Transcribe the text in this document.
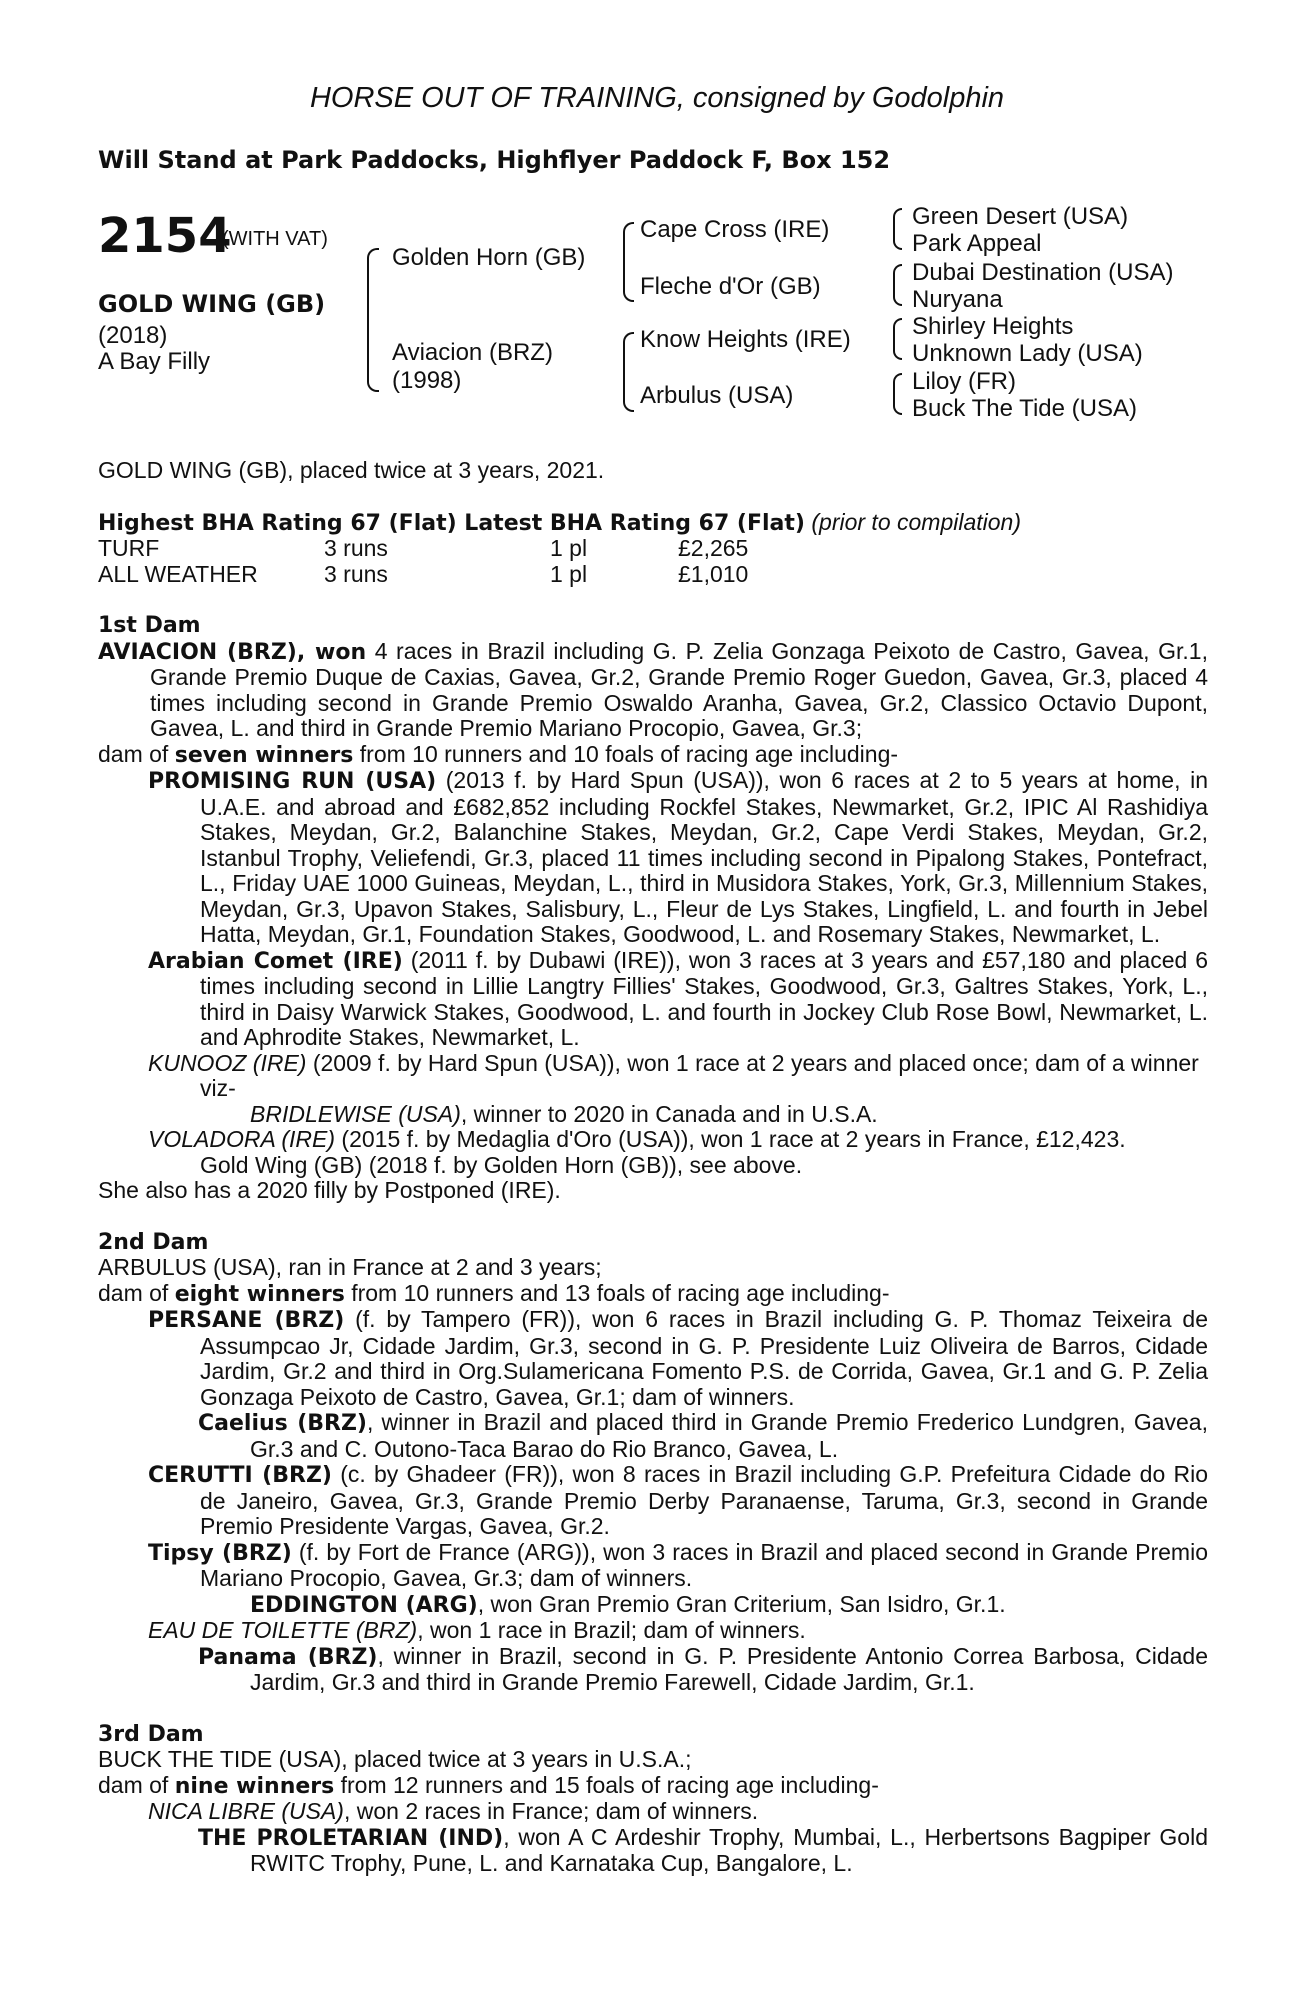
HORSE OUT OF TRAINING, consigned by Godolphin
Will Stand at Park Paddocks, Highflyer Paddock F, Box 152
2154
(WITH VAT)
GOLD WING (GB)
(2018)
A Bay Filly
Golden Horn (GB)
Aviacion (BRZ)
(1998)
Cape Cross (IRE)
Fleche d'Or (GB)
Know Heights (IRE)
Arbulus (USA)
Green Desert (USA)
Park Appeal
Dubai Destination (USA)
Nuryana
Shirley Heights
Unknown Lady (USA)
Liloy (FR)
Buck The Tide (USA)

GOLD WING (GB), placed twice at 3 years, 2021.

Highest BHA Rating 67 (Flat) Latest BHA Rating 67 (Flat) (prior to compilation)

TURF	3 runs	1 pl	£2,265
ALL WEATHER	3 runs	1 pl	£1,010

1st Dam

AVIACION (BRZ), won 4 races in Brazil including G. P. Zelia Gonzaga Peixoto de Castro, Gavea, Gr.1, Grande Premio Duque de Caxias, Gavea, Gr.2, Grande Premio Roger Guedon, Gavea, Gr.3, placed 4 times including second in Grande Premio Oswaldo Aranha, Gavea, Gr.2, Classico Octavio Dupont, Gavea, L. and third in Grande Premio Mariano Procopio, Gavea, Gr.3;

dam of seven winners from 10 runners and 10 foals of racing age including-

PROMISING RUN (USA) (2013 f. by Hard Spun (USA)), won 6 races at 2 to 5 years at home, in U.A.E. and abroad and £682,852 including Rockfel Stakes, Newmarket, Gr.2, IPIC Al Rashidiya Stakes, Meydan, Gr.2, Balanchine Stakes, Meydan, Gr.2, Cape Verdi Stakes, Meydan, Gr.2, Istanbul Trophy, Veliefendi, Gr.3, placed 11 times including second in Pipalong Stakes, Pontefract, L., Friday UAE 1000 Guineas, Meydan, L., third in Musidora Stakes, York, Gr.3, Millennium Stakes, Meydan, Gr.3, Upavon Stakes, Salisbury, L., Fleur de Lys Stakes, Lingfield, L. and fourth in Jebel Hatta, Meydan, Gr.1, Foundation Stakes, Goodwood, L. and Rosemary Stakes, Newmarket, L.

Arabian Comet (IRE) (2011 f. by Dubawi (IRE)), won 3 races at 3 years and £57,180 and placed 6 times including second in Lillie Langtry Fillies' Stakes, Goodwood, Gr.3, Galtres Stakes, York, L., third in Daisy Warwick Stakes, Goodwood, L. and fourth in Jockey Club Rose Bowl, Newmarket, L. and Aphrodite Stakes, Newmarket, L.

KUNOOZ (IRE) (2009 f. by Hard Spun (USA)), won 1 race at 2 years and placed once; dam of a winner viz-

BRIDLEWISE (USA), winner to 2020 in Canada and in U.S.A.

VOLADORA (IRE) (2015 f. by Medaglia d'Oro (USA)), won 1 race at 2 years in France, £12,423.

Gold Wing (GB) (2018 f. by Golden Horn (GB)), see above.

She also has a 2020 filly by Postponed (IRE).

2nd Dam

ARBULUS (USA), ran in France at 2 and 3 years;

dam of eight winners from 10 runners and 13 foals of racing age including-

PERSANE (BRZ) (f. by Tampero (FR)), won 6 races in Brazil including G. P. Thomaz Teixeira de Assumpcao Jr, Cidade Jardim, Gr.3, second in G. P. Presidente Luiz Oliveira de Barros, Cidade Jardim, Gr.2 and third in Org.Sulamericana Fomento P.S. de Corrida, Gavea, Gr.1 and G. P. Zelia Gonzaga Peixoto de Castro, Gavea, Gr.1; dam of winners.

Caelius (BRZ), winner in Brazil and placed third in Grande Premio Frederico Lundgren, Gavea, Gr.3 and C. Outono-Taca Barao do Rio Branco, Gavea, L.

CERUTTI (BRZ) (c. by Ghadeer (FR)), won 8 races in Brazil including G.P. Prefeitura Cidade do Rio de Janeiro, Gavea, Gr.3, Grande Premio Derby Paranaense, Taruma, Gr.3, second in Grande Premio Presidente Vargas, Gavea, Gr.2.

Tipsy (BRZ) (f. by Fort de France (ARG)), won 3 races in Brazil and placed second in Grande Premio Mariano Procopio, Gavea, Gr.3; dam of winners.

EDDINGTON (ARG), won Gran Premio Gran Criterium, San Isidro, Gr.1.

EAU DE TOILETTE (BRZ), won 1 race in Brazil; dam of winners.

Panama (BRZ), winner in Brazil, second in G. P. Presidente Antonio Correa Barbosa, Cidade Jardim, Gr.3 and third in Grande Premio Farewell, Cidade Jardim, Gr.1.

3rd Dam

BUCK THE TIDE (USA), placed twice at 3 years in U.S.A.;

dam of nine winners from 12 runners and 15 foals of racing age including-

NICA LIBRE (USA), won 2 races in France; dam of winners.

THE PROLETARIAN (IND), won A C Ardeshir Trophy, Mumbai, L., Herbertsons Bagpiper Gold RWITC Trophy, Pune, L. and Karnataka Cup, Bangalore, L.
